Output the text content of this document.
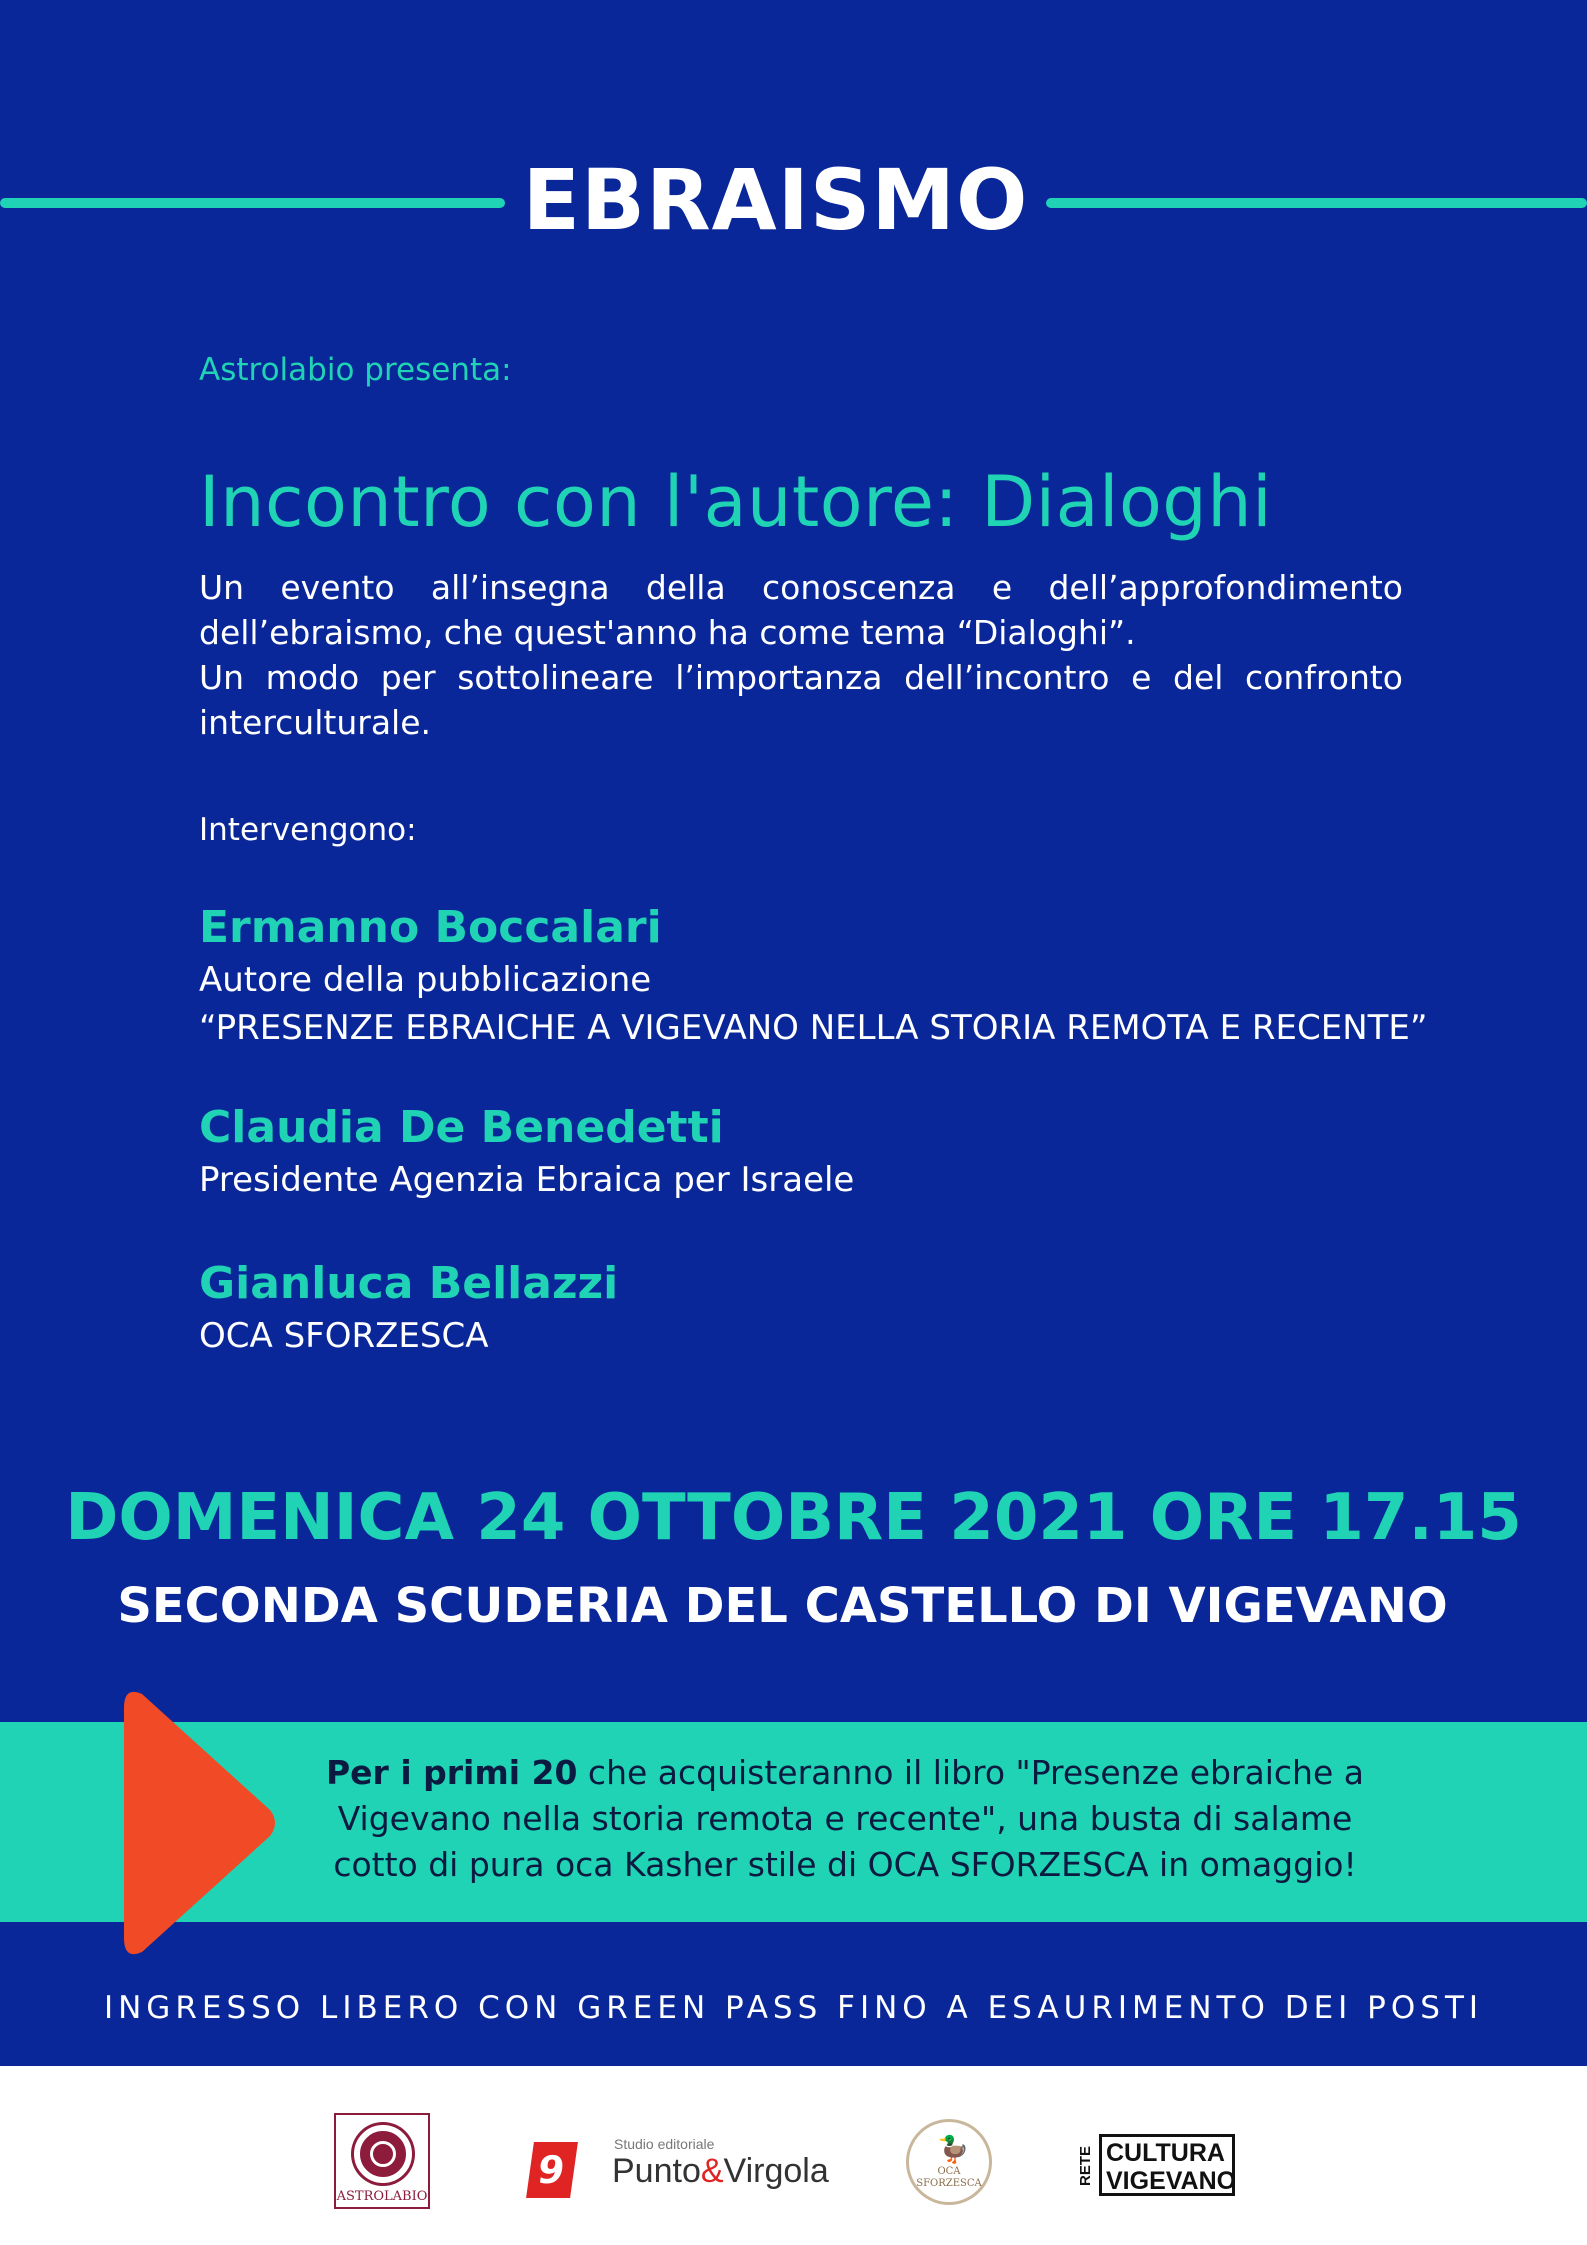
EBRAISMO
Astrolabio presenta:
Incontro con l'autore: Dialoghi

Un evento all’insegna della conoscenza e dell’approfondimento dell’ebraismo, che quest'anno ha come tema “Dialoghi”.

Un modo per sottolineare l’importanza dell’incontro e del confronto interculturale.

Intervengono:
Ermanno Boccalari
Autore della pubblicazione
“PRESENZE EBRAICHE A VIGEVANO NELLA STORIA REMOTA E RECENTE”
Claudia De Benedetti
Presidente Agenzia Ebraica per Israele
Gianluca Bellazzi
OCA SFORZESCA
DOMENICA 24 OTTOBRE 2021 ORE 17.15
SECONDA SCUDERIA DEL CASTELLO DI VIGEVANO
Per i primi 20 che acquisteranno il libro "Presenze ebraiche a Vigevano nella storia remota e recente", una busta di salame cotto di pura oca Kasher stile di OCA SFORZESCA in omaggio!
INGRESSO LIBERO CON GREEN PASS FINO A ESAURIMENTO DEI POSTI
ASTROLABIO
9
Studio editoriale
Punto&Virgola
🦆
OCA
SFORZESCA	RETE CULTURA
VIGEVANO
